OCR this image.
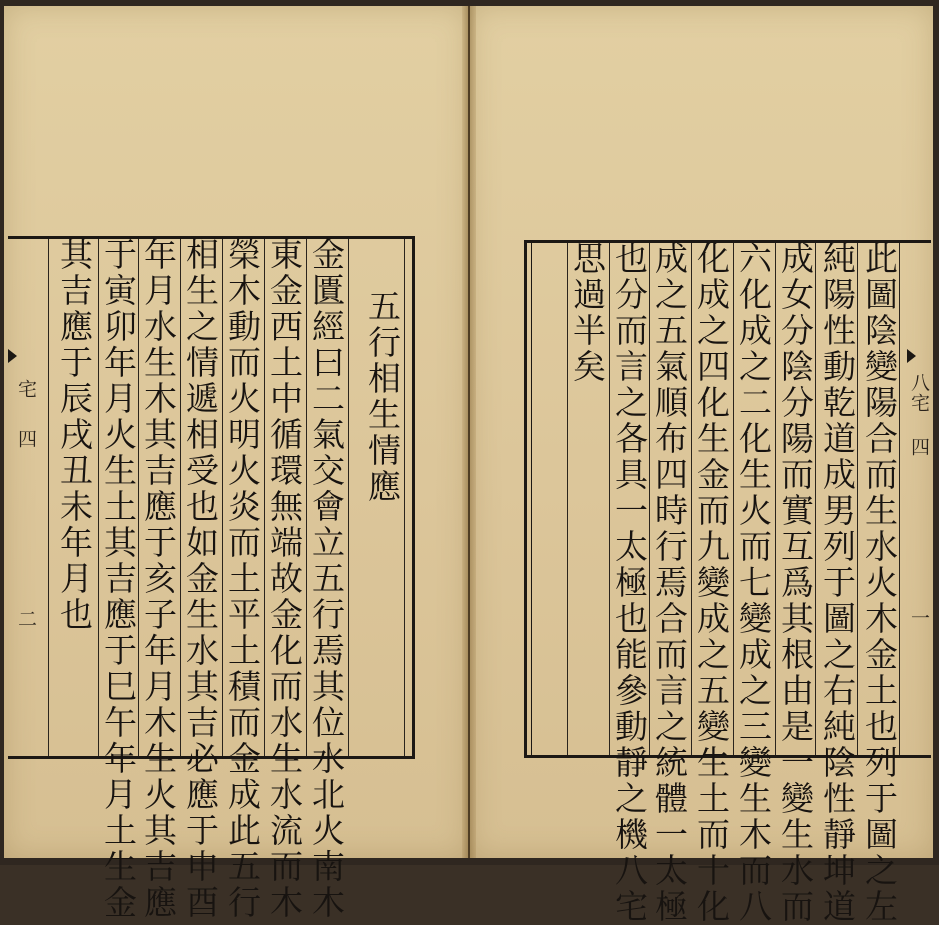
五行相生情應
金匱經曰二氣交會立五行焉其位水北火南木
東金西土中循環無端故金化而水生水流而木
榮木動而火明火炎而土平土積而金成此五行
相生之情遞相受也如金生水其吉必應于申酉
年月水生木其吉應于亥子年月木生火其吉應
于寅卯年月火生土其吉應于巳午年月土生金
其吉應于辰戌丑未年月也
宅
四
二	此圖陰變陽合而生水火木金土也列于圖之左
純陽性動乾道成男列于圖之右純陰性靜坤道
成女分陰分陽而實互爲其根由是一變生水而
六化成之二化生火而七變成之三變生木而八
化成之四化生金而九變成之五變生土而十化
成之五氣順布四時行焉合而言之統體一太極
也分而言之各具一太極也能參動靜之機八宅
思過半矣
八宅
四
一
